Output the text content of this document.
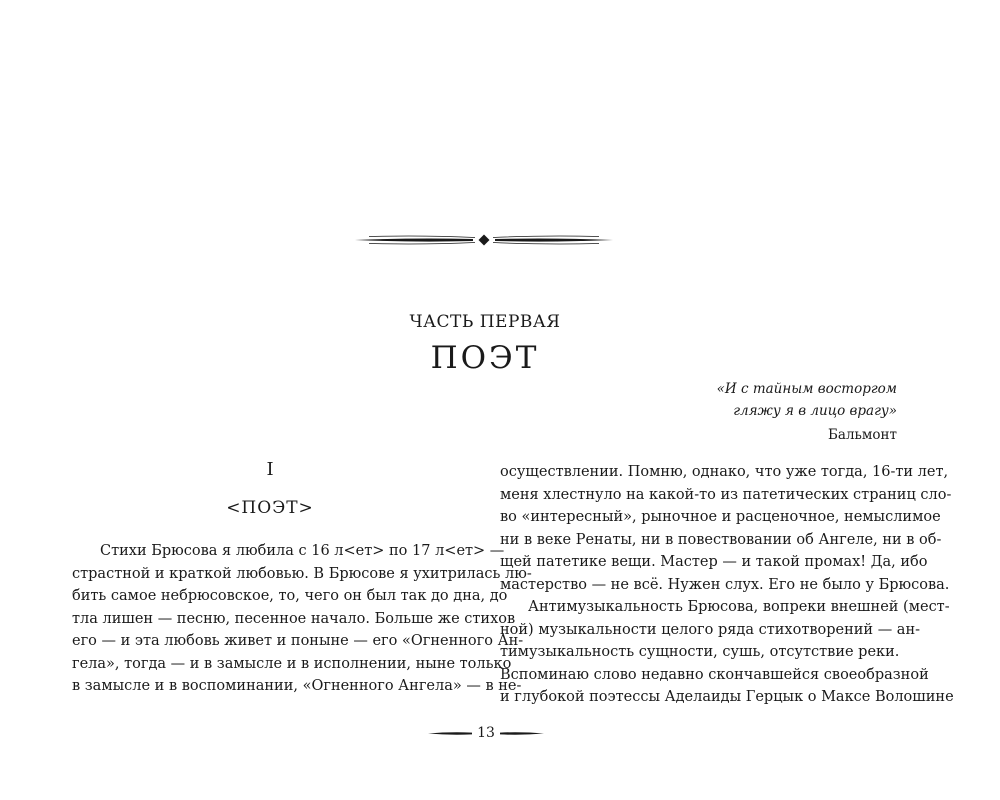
ЧАСТЬ ПЕРВАЯ
ПОЭТ
«И с тайным восторгом
гляжу я в лицо врагу»
Бальмонт
I
<ПОЭТ>
Стихи Брюсова я любила с 16 л<ет> по 17 л<ет> —
страстной и краткой любовью. В Брюсове я ухитрилась лю-
бить самое небрюсовское, то, чего он был так до дна, до
тла лишен — песню, песенное начало. Больше же стихов
его — и эта любовь живет и поныне — его «Огненного Ан-
гела», тогда — и в замысле и в исполнении, ныне только
в замысле и в воспоминании, «Огненного Ангела» — в не-
осуществлении. Помню, однако, что уже тогда, 16-ти лет,
меня хлестнуло на какой-то из патетических страниц сло-
во «интересный», рыночное и расценочное, немыслимое
ни в веке Ренаты, ни в повествовании об Ангеле, ни в об-
щей патетике вещи. Мастер — и такой промах! Да, ибо
мастерство — не всё. Нужен слух. Его не было у Брюсова.
Антимузыкальность Брюсова, вопреки внешней (мест-
ной) музыкальности целого ряда стихотворений — ан-
тимузыкальность сущности, сушь, отсутствие реки.
Вспоминаю слово недавно скончавшейся своеобразной
и глубокой поэтессы Аделаиды Герцык о Максе Волошине
13
